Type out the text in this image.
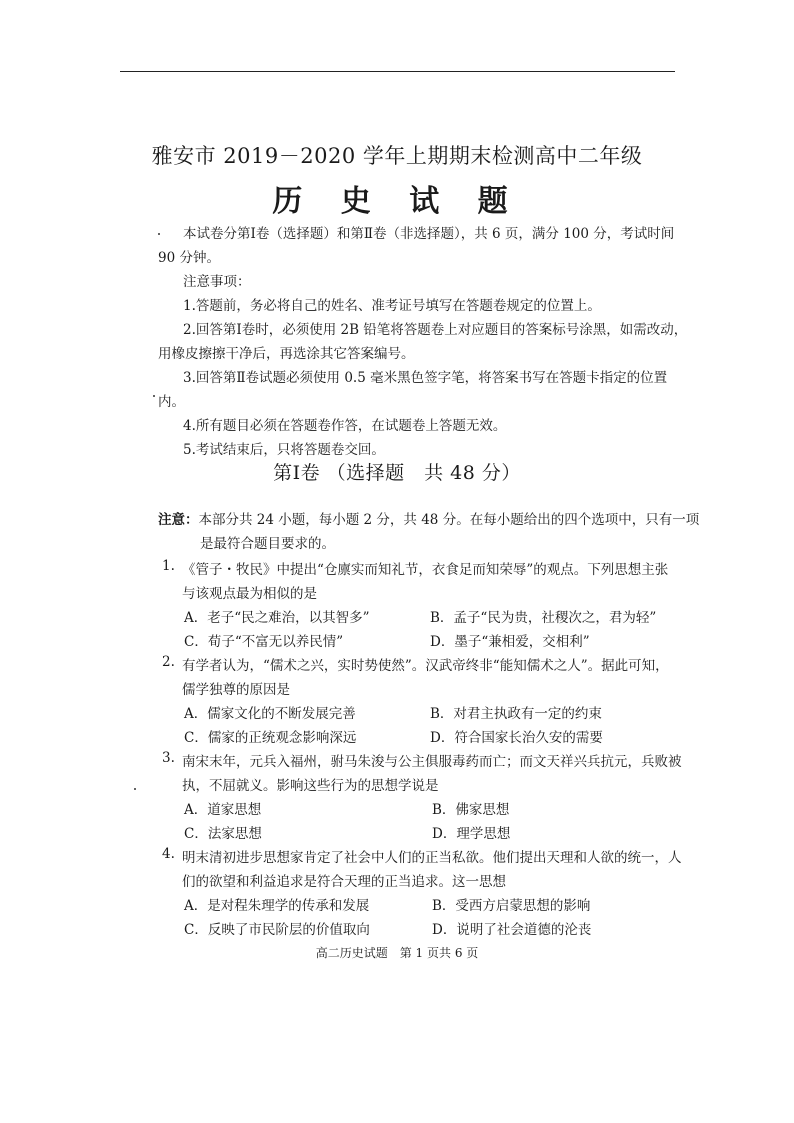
雅安市 2019－2020 学年上期期末检测高中二年级
历 史 试 题
本试卷分第Ⅰ卷（选择题）和第Ⅱ卷（非选择题），共 6 页，满分 100 分，考试时间
90 分钟。
注意事项：
1.答题前，务必将自己的姓名、准考证号填写在答题卷规定的位置上。
2.回答第Ⅰ卷时，必须使用 2B 铅笔将答题卷上对应题目的答案标号涂黑，如需改动，
用橡皮擦擦干净后，再选涂其它答案编号。
3.回答第Ⅱ卷试题必须使用 0.5 毫米黑色签字笔，将答案书写在答题卡指定的位置
内。
4.所有题目必须在答题卷作答，在试题卷上答题无效。
5.考试结束后，只将答题卷交回。
第Ⅰ卷 （选择题　共 48 分）
注意：本部分共 24 小题，每小题 2 分，共 48 分。在每小题给出的四个选项中，只有一项
是最符合题目要求的。
1. 《管子・牧民》中提出“仓廪实而知礼节，衣食足而知荣辱”的观点。下列思想主张
与该观点最为相似的是
A．老子“民之难治，以其智多”	B．孟子“民为贵，社稷次之，君为轻”
C．荀子“不富无以养民情”	D．墨子“兼相爱，交相利”
2. 有学者认为，“儒术之兴，实时势使然”。汉武帝终非“能知儒术之人”。据此可知，
儒学独尊的原因是
A．儒家文化的不断发展完善	B．对君主执政有一定的约束
C．儒家的正统观念影响深远	D．符合国家长治久安的需要
3. 南宋末年，元兵入福州，驸马朱浚与公主俱服毒药而亡；而文天祥兴兵抗元，兵败被
执，不屈就义。影响这些行为的思想学说是
A．道家思想	B．佛家思想
C．法家思想	D．理学思想
4. 明末清初进步思想家肯定了社会中人们的正当私欲。他们提出天理和人欲的统一，人
们的欲望和利益追求是符合天理的正当追求。这一思想
A．是对程朱理学的传承和发展	B．受西方启蒙思想的影响
C．反映了市民阶层的价值取向	D．说明了社会道德的沦丧
高二历史试题　第 1 页共 6 页
